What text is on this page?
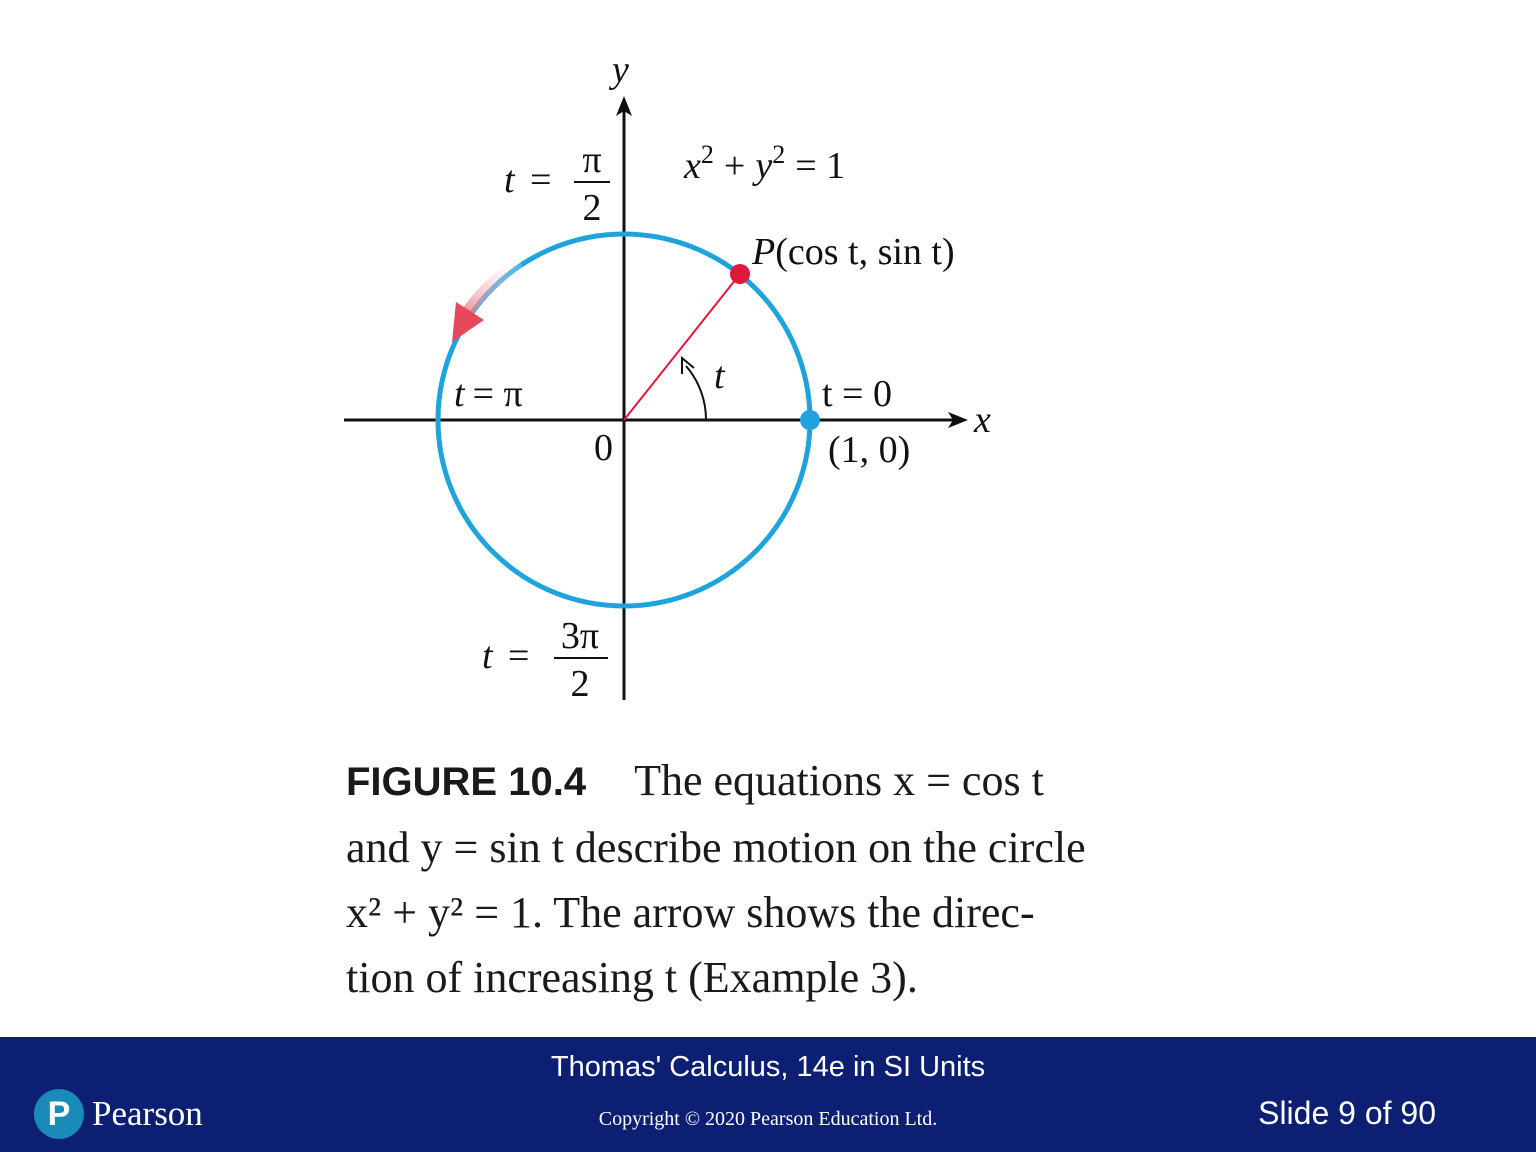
y
x
0
$x^2 + y^2 = 1$
P(cos t, sin t)
t	t = 0
(1, 0)
t = π
t = π
2
t = 3π
2
FIGURE 10.4 The equations x = cos t
and y = sin t describe motion on the circle
x² + y² = 1. The arrow shows the direc-
tion of increasing t (Example 3).
Thomas' Calculus, 14e in SI Units
Copyright © 2020 Pearson Education Ltd.
P Pearson	Slide 9 of 90
